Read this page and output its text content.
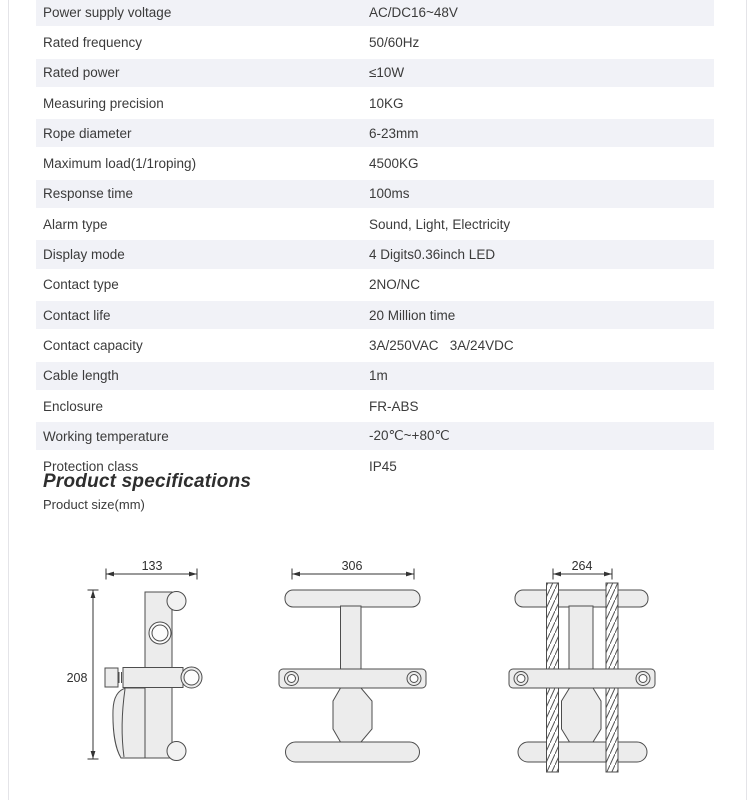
Power supply voltage	AC/DC16~48V
Rated frequency	50/60Hz
Rated power	≤10W
Measuring precision	10KG
Rope diameter	6-23mm
Maximum load(1/1roping)	4500KG
Response time	100ms
Alarm type	Sound, Light, Electricity
Display mode	4 Digits0.36inch LED
Contact type	2NO/NC
Contact life	20 Million time
Contact capacity	3A/250VAC   3A/24VDC
Cable length	1m
Enclosure	FR-ABS
Working temperature	-20℃~+80℃
Protection class	IP45
Product specifications
Product size(mm)
133
208
306	264
